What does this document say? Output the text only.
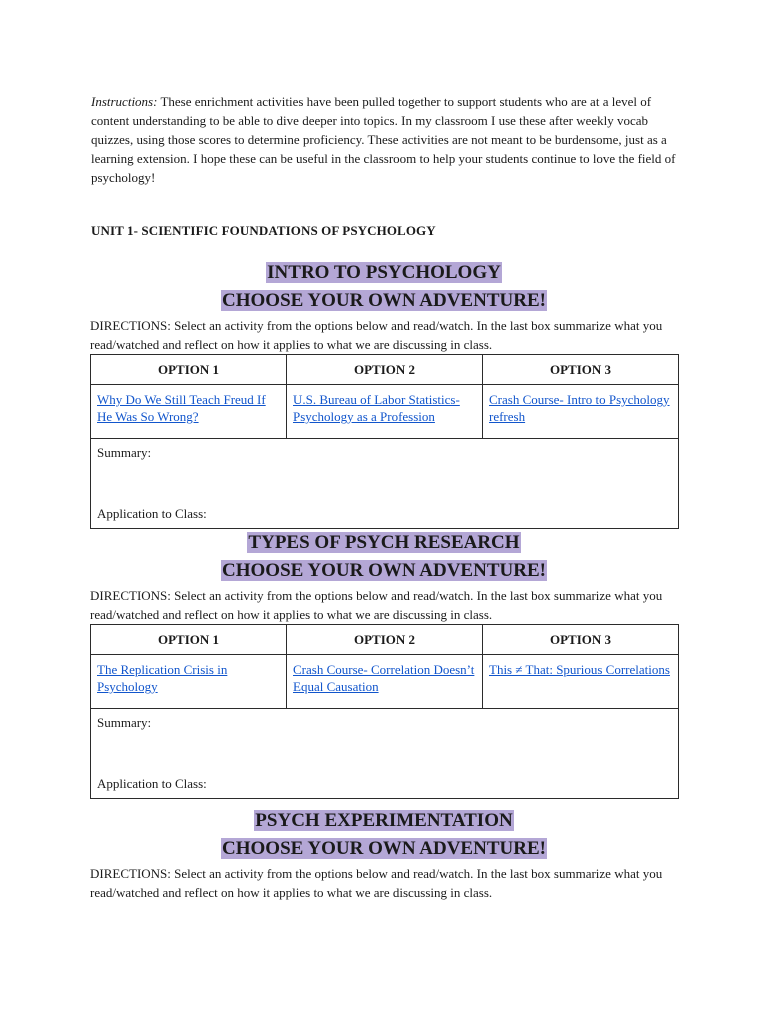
Instructions: These enrichment activities have been pulled together to support students who are at a level of content understanding to be able to dive deeper into topics. In my classroom I use these after weekly vocab quizzes, using those scores to determine proficiency. These activities are not meant to be burdensome, just as a learning extension. I hope these can be useful in the classroom to help your students continue to love the field of psychology!
UNIT 1- SCIENTIFIC FOUNDATIONS OF PSYCHOLOGY
INTRO TO PSYCHOLOGY
CHOOSE YOUR OWN ADVENTURE!
DIRECTIONS: Select an activity from the options below and read/watch. In the last box summarize what you read/watched and reflect on how it applies to what we are discussing in class.
OPTION 1	OPTION 2	OPTION 3
Why Do We Still Teach Freud If He Was So Wrong?	U.S. Bureau of Labor Statistics- Psychology as a Profession	Crash Course- Intro to Psychology refresh

Summary:
Application to Class:		
TYPES OF PSYCH RESEARCH
CHOOSE YOUR OWN ADVENTURE!
DIRECTIONS: Select an activity from the options below and read/watch. In the last box summarize what you read/watched and reflect on how it applies to what we are discussing in class.
OPTION 1	OPTION 2	OPTION 3
The Replication Crisis in Psychology	Crash Course- Correlation Doesn’t Equal Causation	This ≠ That: Spurious Correlations

Summary:
Application to Class:		
PSYCH EXPERIMENTATION
CHOOSE YOUR OWN ADVENTURE!
DIRECTIONS: Select an activity from the options below and read/watch. In the last box summarize what you read/watched and reflect on how it applies to what we are discussing in class.
